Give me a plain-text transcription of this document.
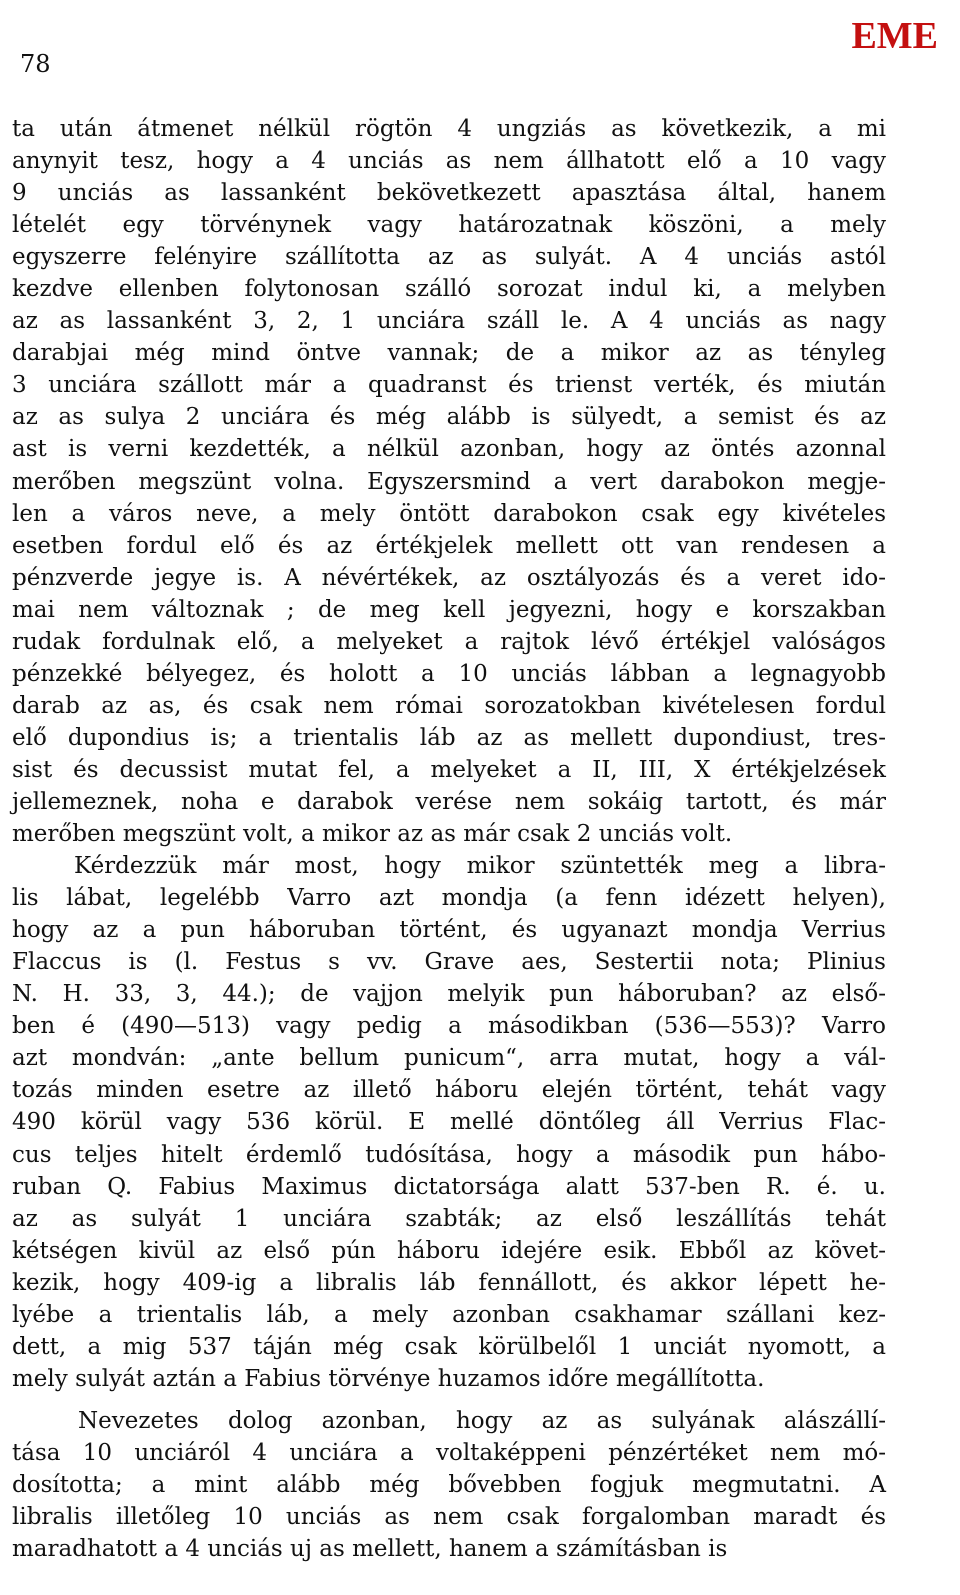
78
EME
ta után átmenet nélkül rögtön 4 ungziás as következik, a mi
anynyit tesz, hogy a 4 unciás as nem állhatott elő a 10 vagy
9 unciás as lassanként bekövetkezett apasztása által, hanem
lételét egy törvénynek vagy határozatnak köszöni, a mely
egyszerre felényire szállította az as sulyát. A 4 unciás astól
kezdve ellenben folytonosan szálló sorozat indul ki, a melyben
az as lassanként 3, 2, 1 unciára száll le. A 4 unciás as nagy
darabjai még mind öntve vannak; de a mikor az as tényleg
3 unciára szállott már a quadranst és trienst verték, és miután
az as sulya 2 unciára és még alább is sülyedt, a semist és az
ast is verni kezdették, a nélkül azonban, hogy az öntés azonnal
merőben megszünt volna. Egyszersmind a vert darabokon megje-
len a város neve, a mely öntött darabokon csak egy kivételes
esetben fordul elő és az értékjelek mellett ott van rendesen a
pénzverde jegye is. A névértékek, az osztályozás és a veret ido-
mai nem változnak ; de meg kell jegyezni, hogy e korszakban
rudak fordulnak elő, a melyeket a rajtok lévő értékjel valóságos
pénzekké bélyegez, és holott a 10 unciás lábban a legnagyobb
darab az as, és csak nem római sorozatokban kivételesen fordul
elő dupondius is; a trientalis láb az as mellett dupondiust, tres-
sist és decussist mutat fel, a melyeket a II, III, X értékjelzések
jellemeznek, noha e darabok verése nem sokáig tartott, és már
merőben megszünt volt, a mikor az as már csak 2 unciás volt.
Kérdezzük már most, hogy mikor szüntették meg a libra-
lis lábat, legelébb Varro azt mondja (a fenn idézett helyen),
hogy az a pun háboruban történt, és ugyanazt mondja Verrius
Flaccus is (l. Festus s vv. Grave aes, Sestertii nota; Plinius
N. H. 33, 3, 44.); de vajjon melyik pun háboruban? az első-
ben é (490—513) vagy pedig a másodikban (536—553)? Varro
azt mondván: „ante bellum punicum“, arra mutat, hogy a vál-
tozás minden esetre az illető háboru elején történt, tehát vagy
490 körül vagy 536 körül. E mellé döntőleg áll Verrius Flac-
cus teljes hitelt érdemlő tudósítása, hogy a második pun hábo-
ruban Q. Fabius Maximus dictatorsága alatt 537-ben R. é. u.
az as sulyát 1 unciára szabták; az első leszállítás tehát
kétségen kivül az első pún háboru idejére esik. Ebből az követ-
kezik, hogy 409-ig a libralis láb fennállott, és akkor lépett he-
lyébe a trientalis láb, a mely azonban csakhamar szállani kez-
dett, a mig 537 táján még csak körülbelől 1 unciát nyomott, a
mely sulyát aztán a Fabius törvénye huzamos időre megállította.
Nevezetes dolog azonban, hogy az as sulyának alászállí-
tása 10 unciáról 4 unciára a voltaképpeni pénzértéket nem mó-
dosította; a mint alább még bővebben fogjuk megmutatni. A
libralis illetőleg 10 unciás as nem csak forgalomban maradt és
maradhatott a 4 unciás uj as mellett, hanem a számításban is
